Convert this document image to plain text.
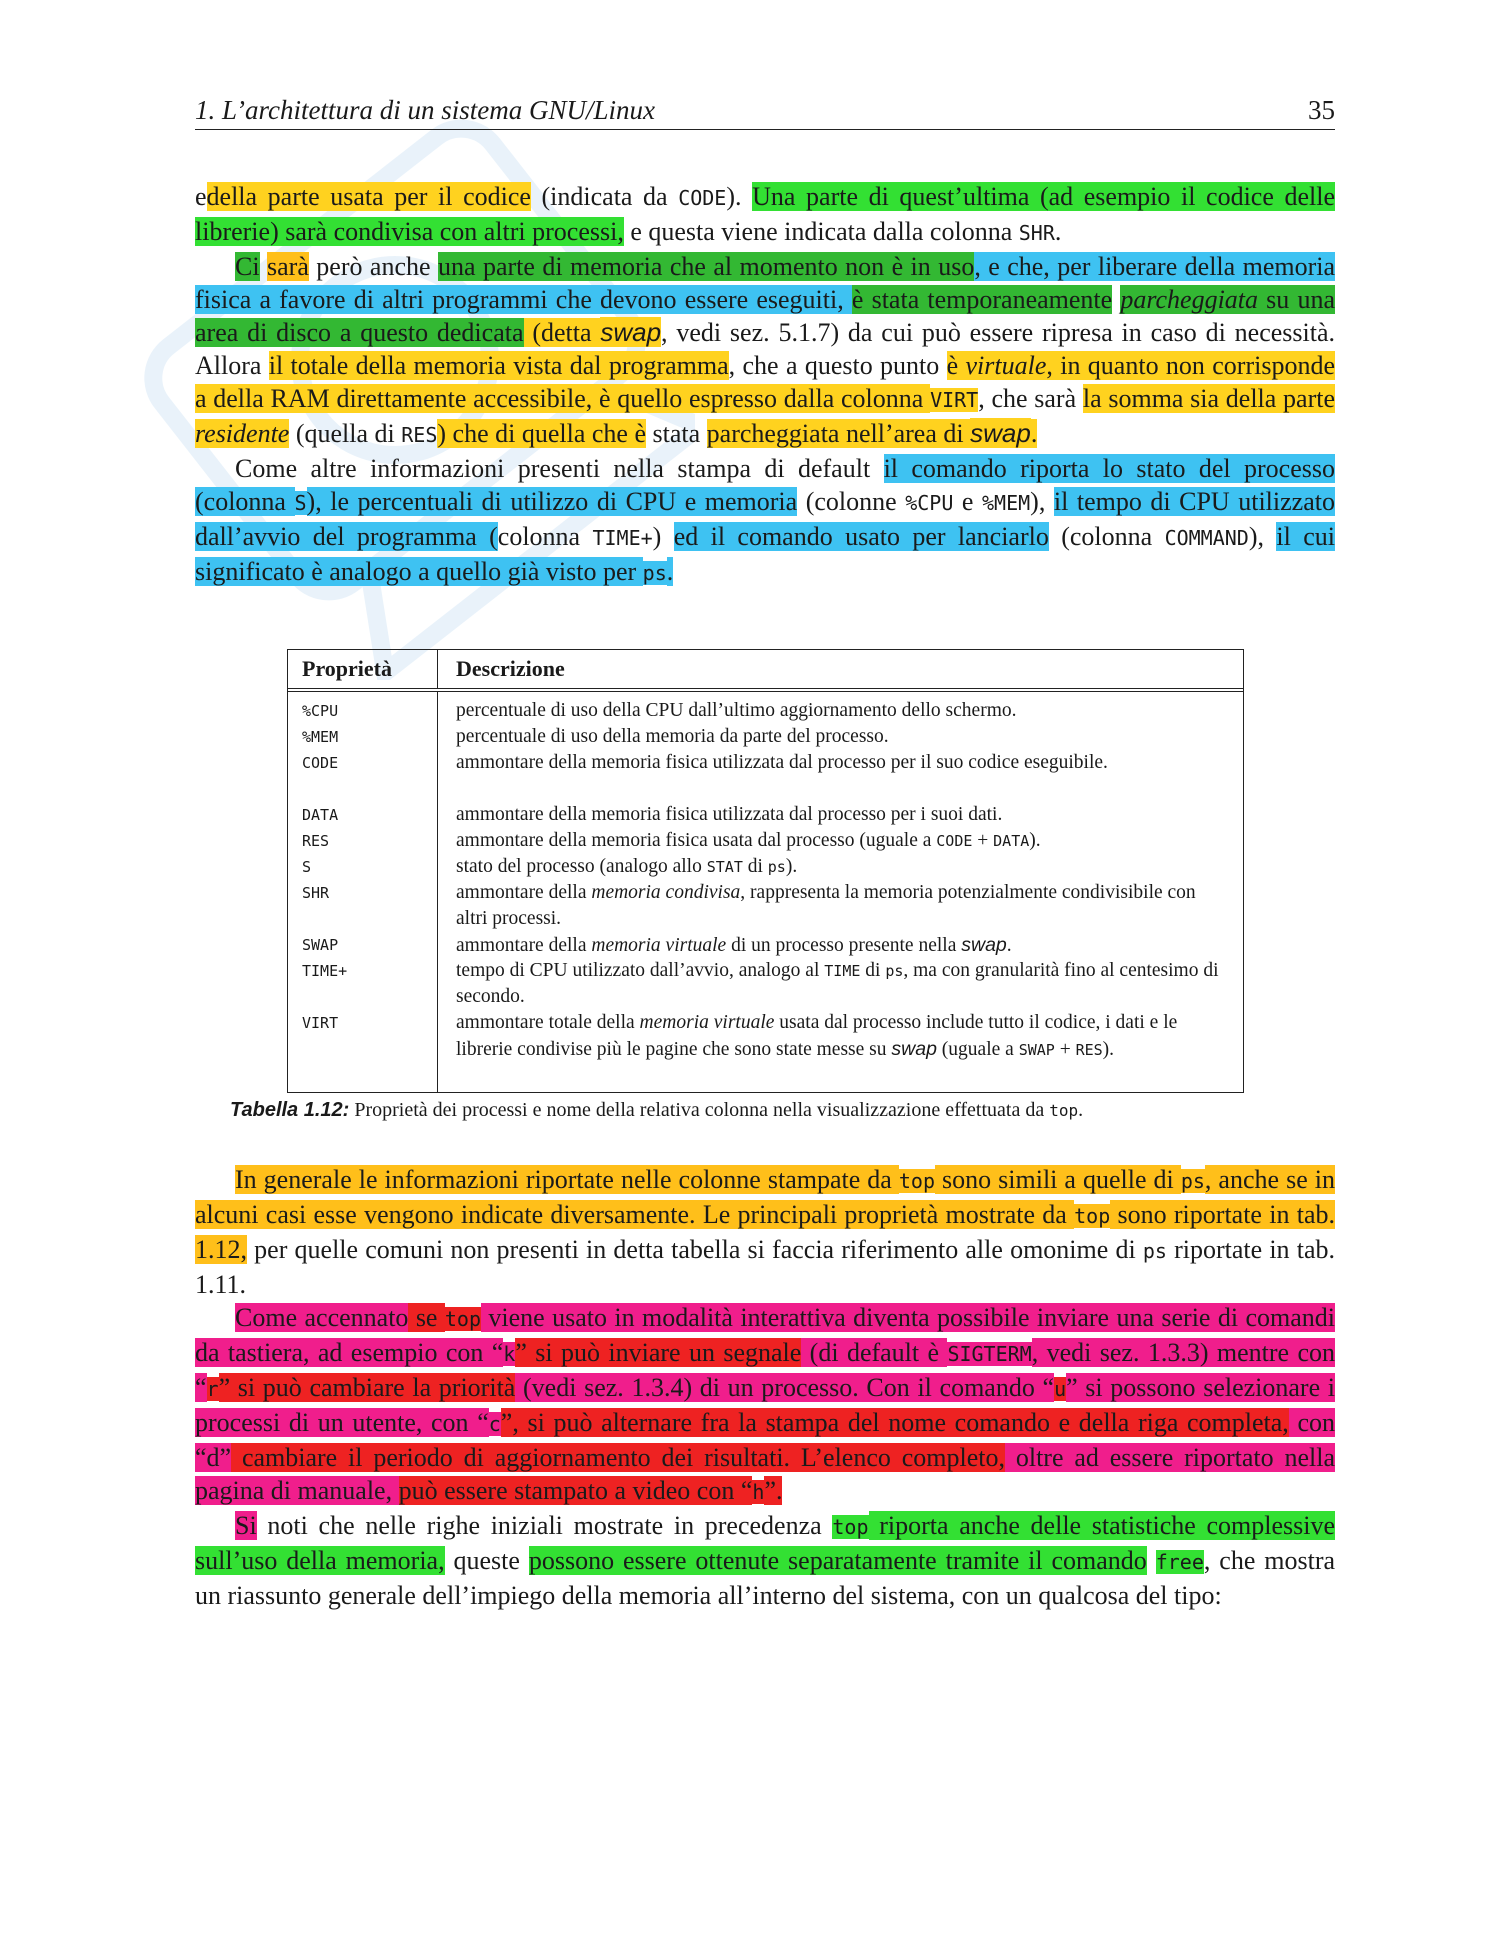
1. L’architettura di un sistema GNU/Linux	35

edella parte usata per il codice (indicata da CODE). Una parte di quest’ultima (ad esempio il codice delle librerie) sarà condivisa con altri processi, e questa viene indicata dalla colonna SHR.

Ci sarà però anche una parte di memoria che al momento non è in uso, e che, per liberare della memoria fisica a favore di altri programmi che devono essere eseguiti, è stata temporaneamente parcheggiata su una area di disco a questo dedicata (detta swap, vedi sez. 5.1.7) da cui può essere ripresa in caso di necessità. Allora il totale della memoria vista dal programma, che a questo punto è virtuale, in quanto non corrisponde a della RAM direttamente accessibile, è quello espresso dalla colonna VIRT, che sarà la somma sia della parte residente (quella di RES) che di quella che è stata parcheggiata nell’area di swap.

Come altre informazioni presenti nella stampa di default il comando riporta lo stato del processo (colonna S), le percentuali di utilizzo di CPU e memoria (colonne %CPU e %MEM), il tempo di CPU utilizzato dall’avvio del programma (colonna TIME+) ed il comando usato per lanciarlo (colonna COMMAND), il cui significato è analogo a quello già visto per ps.

Proprietà	Descrizione
%CPU
%MEM
CODE
DATA
RES
S
SHR
SWAP
TIME+
VIRT
percentuale di uso della CPU dall’ultimo aggiornamento dello schermo.
percentuale di uso della memoria da parte del processo.
ammontare della memoria fisica utilizzata dal processo per il suo codice eseguibile.
ammontare della memoria fisica utilizzata dal processo per i suoi dati.
ammontare della memoria fisica usata dal processo (uguale a CODE + DATA).
stato del processo (analogo allo STAT di ps).
ammontare della memoria condivisa, rappresenta la memoria potenzialmente condivisibile con altri processi.
ammontare della memoria virtuale di un processo presente nella swap.
tempo di CPU utilizzato dall’avvio, analogo al TIME di ps, ma con granularità fino al centesimo di secondo.
ammontare totale della memoria virtuale usata dal processo include tutto il codice, i dati e le librerie condivise più le pagine che sono state messe su swap (uguale a SWAP + RES).
Tabella 1.12: Proprietà dei processi e nome della relativa colonna nella visualizzazione effettuata da top.

In generale le informazioni riportate nelle colonne stampate da top sono simili a quelle di ps, anche se in alcuni casi esse vengono indicate diversamente. Le principali proprietà mostrate da top sono riportate in tab. 1.12, per quelle comuni non presenti in detta tabella si faccia riferimento alle omonime di ps riportate in tab. 1.11.

Come accennato se top viene usato in modalità interattiva diventa possibile inviare una serie di comandi da tastiera, ad esempio con “k” si può inviare un segnale (di default è SIGTERM, vedi sez. 1.3.3) mentre con “r” si può cambiare la priorità (vedi sez. 1.3.4) di un processo. Con il comando “u” si possono selezionare i processi di un utente, con “c”, si può alternare fra la stampa del nome comando e della riga completa, con “d” cambiare il periodo di aggiornamento dei risultati. L’elenco completo, oltre ad essere riportato nella pagina di manuale, può essere stampato a video con “h”.

Si noti che nelle righe iniziali mostrate in precedenza top riporta anche delle statistiche complessive sull’uso della memoria, queste possono essere ottenute separatamente tramite il comando free, che mostra un riassunto generale dell’impiego della memoria all’interno del sistema, con un qualcosa del tipo:
